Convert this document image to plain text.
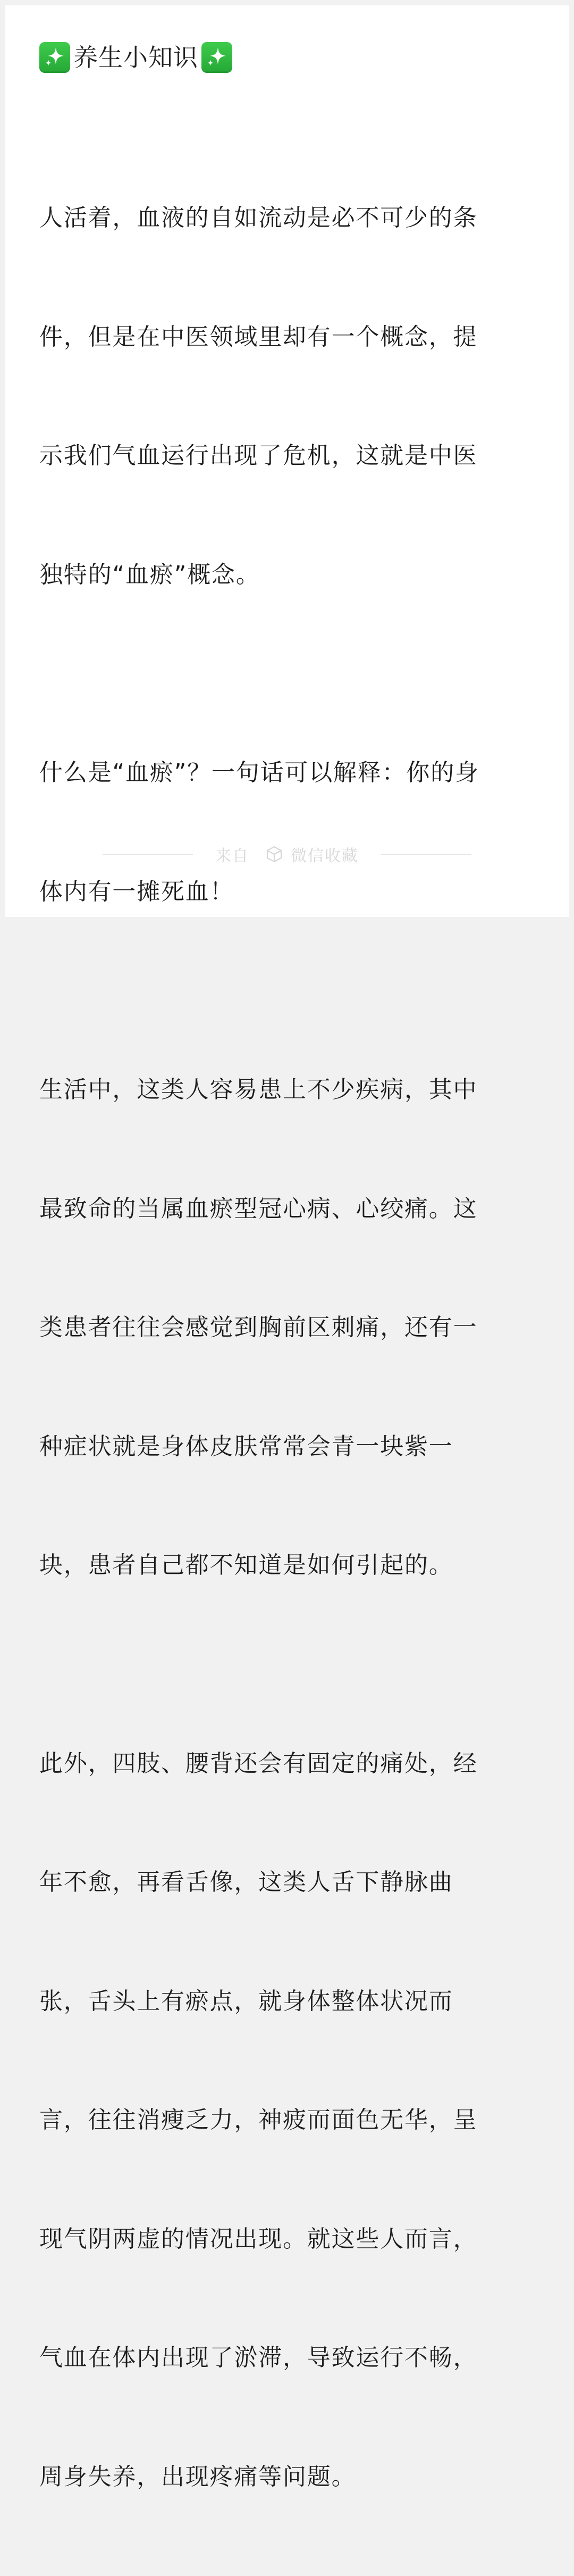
养生小知识

人活着，血液的自如流动是必不可少的条

件，但是在中医领域里却有一个概念，提

示我们气血运行出现了危机，这就是中医

独特的“血瘀”概念。

什么是“血瘀”？一句话可以解释：你的身

体内有一摊死血！

生活中，这类人容易患上不少疾病，其中

最致命的当属血瘀型冠心病、心绞痛。这

类患者往往会感觉到胸前区刺痛，还有一

种症状就是身体皮肤常常会青一块紫一

块，患者自己都不知道是如何引起的。

此外，四肢、腰背还会有固定的痛处，经

年不愈，再看舌像，这类人舌下静脉曲

张，舌头上有瘀点，就身体整体状况而

言，往往消瘦乏力，神疲而面色无华，呈

现气阴两虚的情况出现。就这些人而言，

气血在体内出现了淤滞，导致运行不畅，

周身失养，出现疼痛等问题。

来自	微信收藏
